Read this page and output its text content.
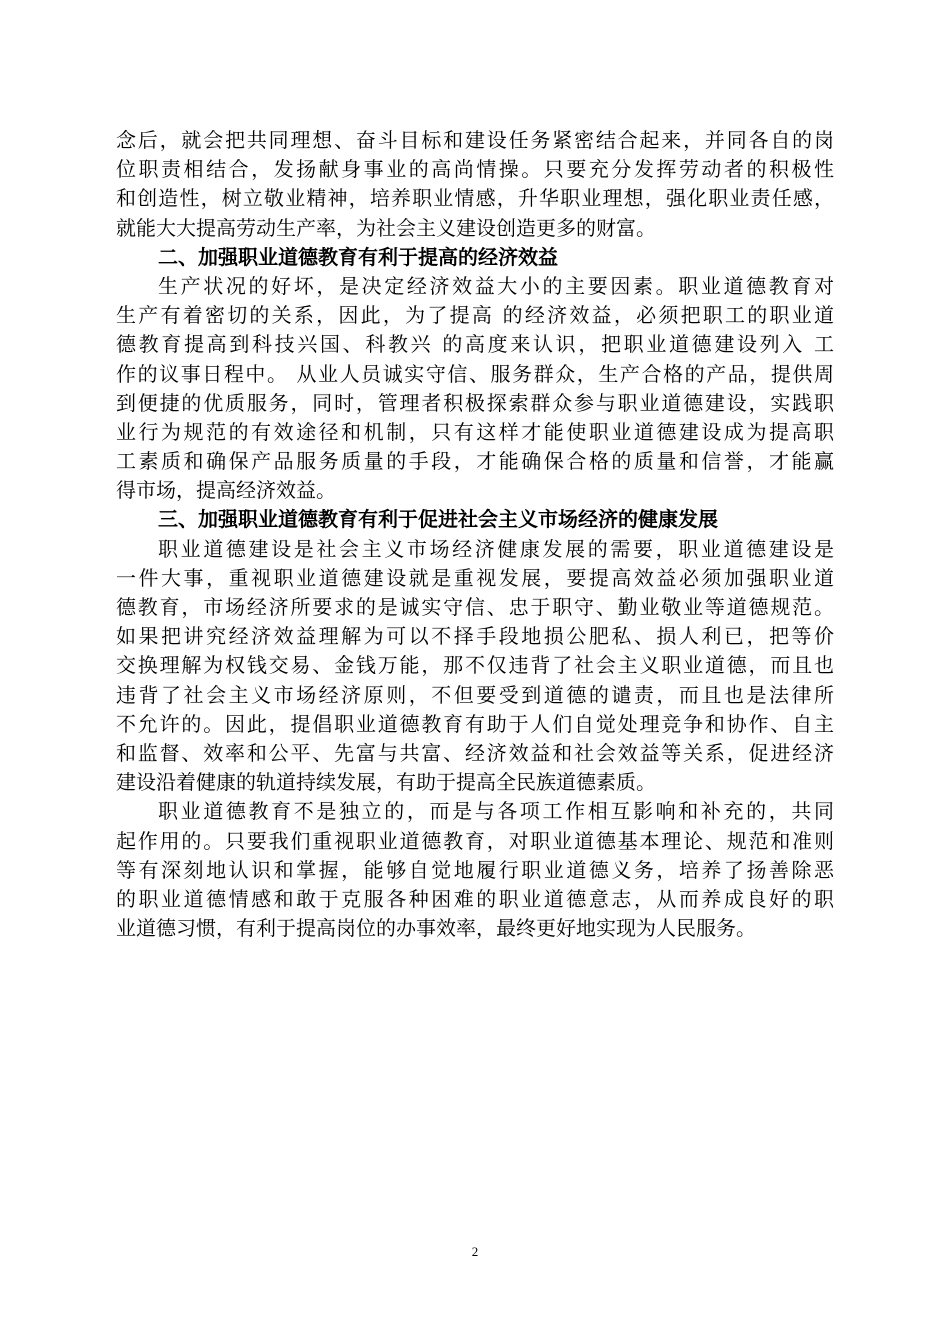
念后，就会把共同理想、奋斗目标和建设任务紧密结合起来，并同各自的岗
位职责相结合，发扬献身事业的高尚情操。只要充分发挥劳动者的积极性
和创造性，树立敬业精神，培养职业情感，升华职业理想，强化职业责任感，
就能大大提高劳动生产率，为社会主义建设创造更多的财富。
二、加强职业道德教育有利于提高的经济效益
生产状况的好坏，是决定经济效益大小的主要因素。职业道德教育对
生产有着密切的关系，因此，为了提高 的经济效益，必须把职工的职业道
德教育提高到科技兴国、科教兴 的高度来认识，把职业道德建设列入 工
作的议事日程中。 从业人员诚实守信、服务群众，生产合格的产品，提供周
到便捷的优质服务，同时，管理者积极探索群众参与职业道德建设，实践职
业行为规范的有效途径和机制，只有这样才能使职业道德建设成为提高职
工素质和确保产品服务质量的手段，才能确保合格的质量和信誉，才能赢
得市场，提高经济效益。
三、加强职业道德教育有利于促进社会主义市场经济的健康发展
职业道德建设是社会主义市场经济健康发展的需要，职业道德建设是
一件大事，重视职业道德建设就是重视发展，要提高效益必须加强职业道
德教育，市场经济所要求的是诚实守信、忠于职守、勤业敬业等道德规范。
如果把讲究经济效益理解为可以不择手段地损公肥私、损人利已，把等价
交换理解为权钱交易、金钱万能，那不仅违背了社会主义职业道德，而且也
违背了社会主义市场经济原则，不但要受到道德的谴责，而且也是法律所
不允许的。因此，提倡职业道德教育有助于人们自觉处理竞争和协作、自主
和监督、效率和公平、先富与共富、经济效益和社会效益等关系，促进经济
建设沿着健康的轨道持续发展，有助于提高全民族道德素质。
职业道德教育不是独立的，而是与各项工作相互影响和补充的，共同
起作用的。只要我们重视职业道德教育，对职业道德基本理论、规范和准则
等有深刻地认识和掌握，能够自觉地履行职业道德义务，培养了扬善除恶
的职业道德情感和敢于克服各种困难的职业道德意志，从而养成良好的职
业道德习惯，有利于提高岗位的办事效率，最终更好地实现为人民服务。
2
